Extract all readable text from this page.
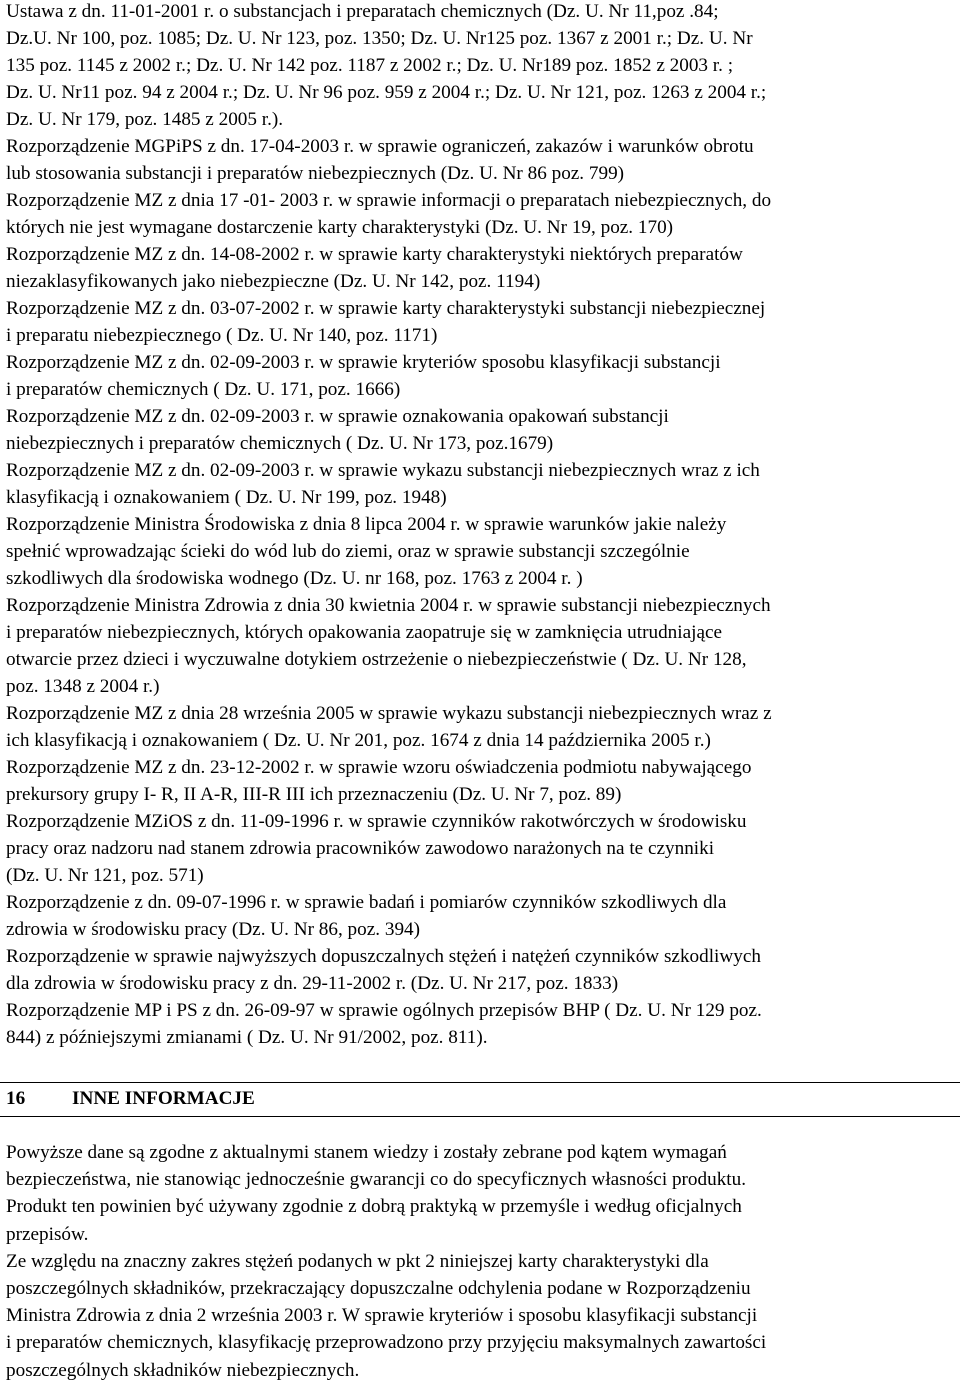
Ustawa z dn. 11-01-2001 r. o substancjach i preparatach chemicznych (Dz. U. Nr 11,poz .84;
Dz.U. Nr 100, poz. 1085; Dz. U. Nr 123, poz. 1350; Dz. U. Nr125 poz. 1367 z 2001 r.; Dz. U. Nr
135 poz. 1145 z 2002 r.; Dz. U. Nr 142 poz. 1187 z 2002 r.; Dz. U. Nr189 poz. 1852 z 2003 r. ;
Dz. U. Nr11 poz. 94 z 2004 r.; Dz. U. Nr 96 poz. 959 z 2004 r.; Dz. U. Nr 121, poz. 1263 z 2004 r.;
Dz. U. Nr 179, poz. 1485 z 2005 r.).
Rozporządzenie MGPiPS z dn. 17-04-2003 r. w sprawie ograniczeń, zakazów i warunków obrotu
lub stosowania substancji i preparatów niebezpiecznych (Dz. U. Nr 86 poz. 799)
Rozporządzenie MZ z dnia 17 -01- 2003 r. w sprawie informacji o preparatach niebezpiecznych, do
których nie jest wymagane dostarczenie karty charakterystyki (Dz. U. Nr 19, poz. 170)
Rozporządzenie MZ z dn. 14-08-2002 r. w sprawie karty charakterystyki niektórych preparatów
niezaklasyfikowanych jako niebezpieczne (Dz. U. Nr 142, poz. 1194)
Rozporządzenie MZ z dn. 03-07-2002 r. w sprawie karty charakterystyki substancji niebezpiecznej
i preparatu niebezpiecznego ( Dz. U. Nr 140, poz. 1171)
Rozporządzenie MZ z dn. 02-09-2003 r. w sprawie kryteriów sposobu klasyfikacji substancji
i preparatów chemicznych ( Dz. U. 171, poz. 1666)
Rozporządzenie MZ z dn. 02-09-2003 r. w sprawie oznakowania opakowań substancji
niebezpiecznych i preparatów chemicznych ( Dz. U. Nr 173, poz.1679)
Rozporządzenie MZ z dn. 02-09-2003 r. w sprawie wykazu substancji niebezpiecznych wraz z ich
klasyfikacją i oznakowaniem ( Dz. U. Nr 199, poz. 1948)
Rozporządzenie Ministra Środowiska z dnia 8 lipca 2004 r. w sprawie warunków jakie należy
spełnić wprowadzając ścieki do wód lub do ziemi, oraz w sprawie substancji szczególnie
szkodliwych dla środowiska wodnego (Dz. U. nr 168, poz. 1763 z 2004 r. )
Rozporządzenie Ministra Zdrowia z dnia 30 kwietnia 2004 r. w sprawie substancji niebezpiecznych
i preparatów niebezpiecznych, których opakowania zaopatruje się w zamknięcia utrudniające
otwarcie przez dzieci i wyczuwalne dotykiem ostrzeżenie o niebezpieczeństwie ( Dz. U. Nr 128,
poz. 1348 z 2004 r.)
Rozporządzenie MZ z dnia 28 września 2005 w sprawie wykazu substancji niebezpiecznych wraz z
ich klasyfikacją i oznakowaniem ( Dz. U. Nr 201, poz. 1674 z dnia 14 października 2005 r.)
Rozporządzenie MZ z dn. 23-12-2002 r. w sprawie wzoru oświadczenia podmiotu nabywającego
prekursory grupy I- R, II A-R, III-R III ich przeznaczeniu (Dz. U. Nr 7, poz. 89)
Rozporządzenie MZiOS z dn. 11-09-1996 r. w sprawie czynników rakotwórczych w środowisku
pracy oraz nadzoru nad stanem zdrowia pracowników zawodowo narażonych na te czynniki
(Dz. U. Nr 121, poz. 571)
Rozporządzenie z dn. 09-07-1996 r. w sprawie badań i pomiarów czynników szkodliwych dla
zdrowia w środowisku pracy (Dz. U. Nr 86, poz. 394)
Rozporządzenie w sprawie najwyższych dopuszczalnych stężeń i natężeń czynników szkodliwych
dla zdrowia w środowisku pracy z dn. 29-11-2002 r. (Dz. U. Nr 217, poz. 1833)
Rozporządzenie MP i PS z dn. 26-09-97 w sprawie ogólnych przepisów BHP ( Dz. U. Nr 129 poz.
844) z późniejszymi zmianami ( Dz. U. Nr 91/2002, poz. 811).
16 INNE INFORMACJE
Powyższe dane są zgodne z aktualnymi stanem wiedzy i zostały zebrane pod kątem wymagań
bezpieczeństwa, nie stanowiąc jednocześnie gwarancji co do specyficznych własności produktu.
Produkt ten powinien być używany zgodnie z dobrą praktyką w przemyśle i według oficjalnych
przepisów.
Ze względu na znaczny zakres stężeń podanych w pkt 2 niniejszej karty charakterystyki dla
poszczególnych składników, przekraczający dopuszczalne odchylenia podane w Rozporządzeniu
Ministra Zdrowia z dnia 2 września 2003 r. W sprawie kryteriów i sposobu klasyfikacji substancji
i preparatów chemicznych, klasyfikację przeprowadzono przy przyjęciu maksymalnych zawartości
poszczególnych składników niebezpiecznych.
